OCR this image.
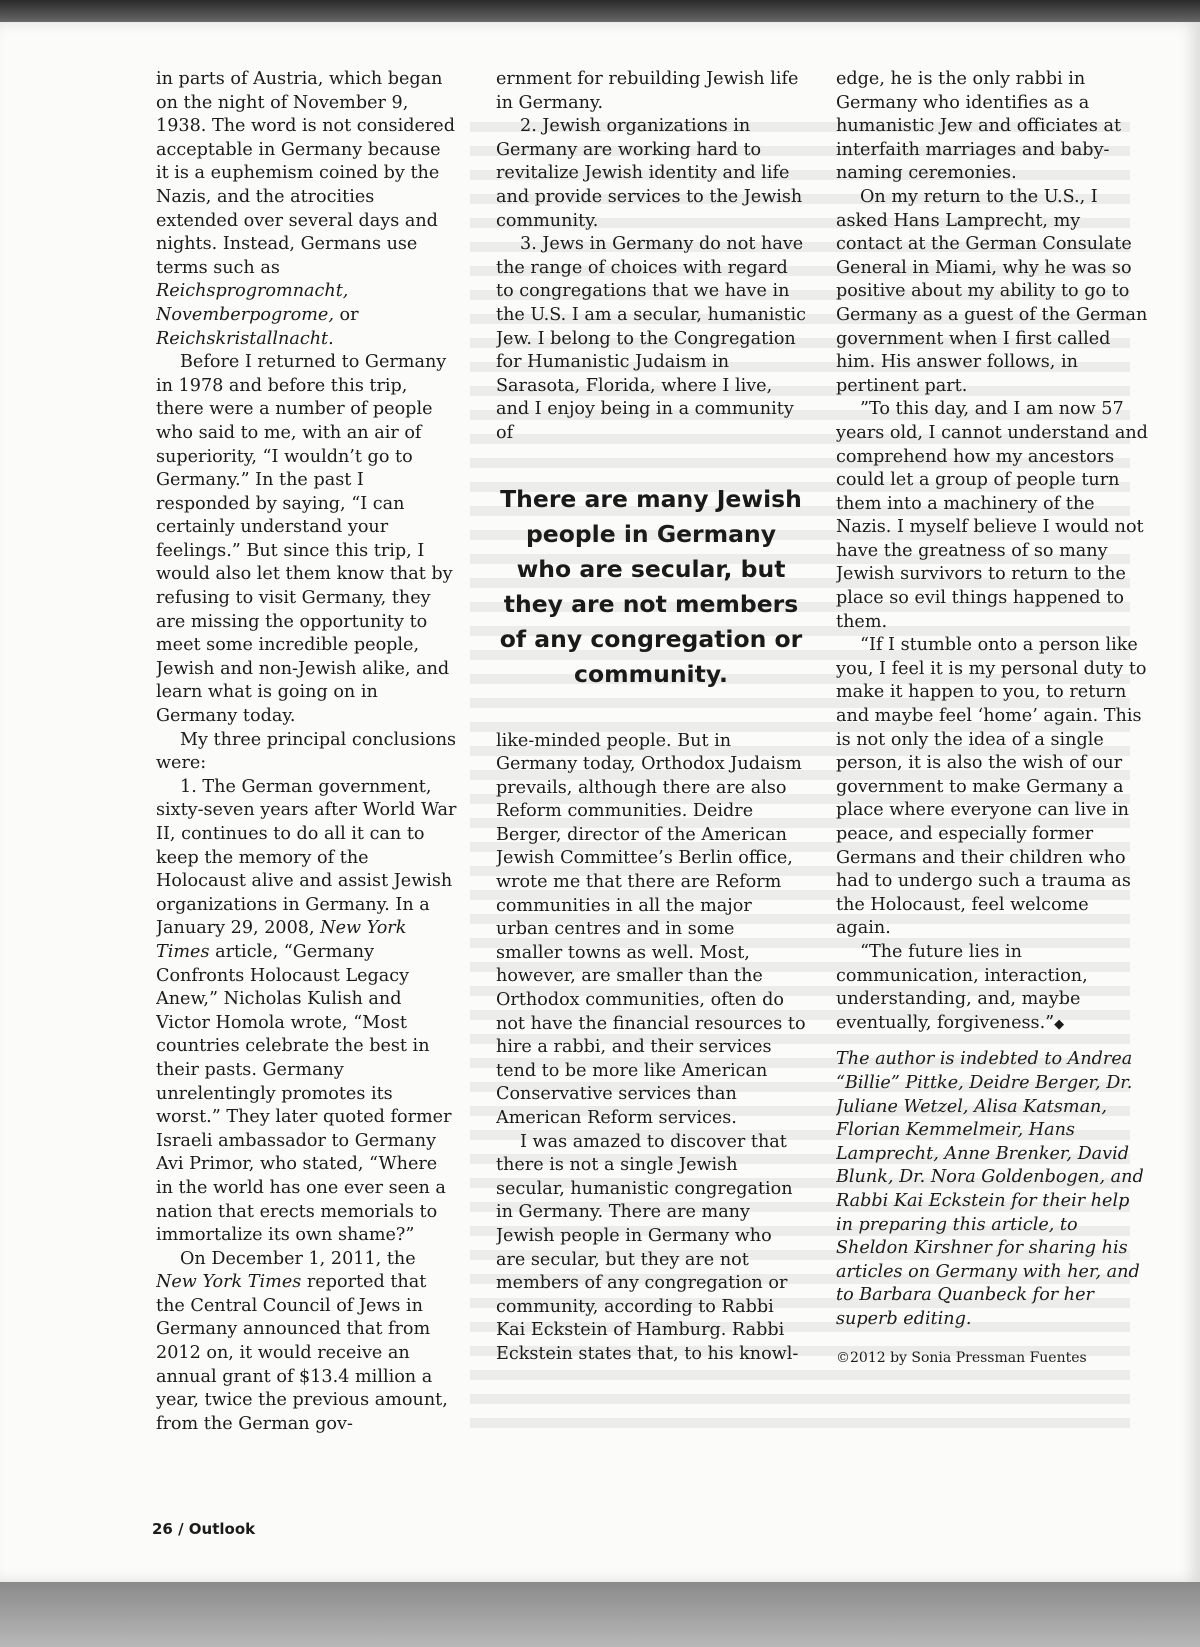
in parts of Austria, which began on the night of November 9, 1938. The word is not considered acceptable in Germany because it is a euphemism coined by the Nazis, and the atrocities extended over several days and nights. Instead, Germans use terms such as Reichsprogromnacht, Novemberpogrome, or Reichskristallnacht.

Before I returned to Germany in 1978 and before this trip, there were a number of people who said to me, with an air of superiority, “I wouldn’t go to Germany.” In the past I responded by saying, “I can certainly understand your feelings.” But since this trip, I would also let them know that by refusing to visit Germany, they are missing the opportunity to meet some incredible people, Jewish and non-Jewish alike, and learn what is going on in Germany today.

My three principal conclusions were:

1. The German government, sixty-seven years after World War II, continues to do all it can to keep the memory of the Holocaust alive and assist Jewish organizations in Germany. In a January 29, 2008, New York Times article, “Germany Confronts Holocaust Legacy Anew,” Nicholas Kulish and Victor Homola wrote, “Most countries celebrate the best in their pasts. Germany unrelentingly promotes its worst.” They later quoted former Israeli ambassador to Germany Avi Primor, who stated, “Where in the world has one ever seen a nation that erects memorials to immortalize its own shame?”

On December 1, 2011, the New York Times reported that the Central Council of Jews in Germany announced that from 2012 on, it would receive an annual grant of $13.4 million a year, twice the previous amount, from the German gov-

ernment for rebuilding Jewish life in Germany.

2. Jewish organizations in Germany are working hard to revitalize Jewish identity and life and provide services to the Jewish community.

3. Jews in Germany do not have the range of choices with regard to congregations that we have in the U.S. I am a secular, humanistic Jew. I belong to the Congregation for Humanistic Judaism in Sarasota, Florida, where I live, and I enjoy being in a community of

There are many Jewish people in Germany who are secular, but they are not members of any congregation or community.

like-minded people. But in Germany today, Orthodox Judaism prevails, although there are also Reform communities. Deidre Berger, director of the American Jewish Committee’s Berlin office, wrote me that there are Reform communities in all the major urban centres and in some smaller towns as well. Most, however, are smaller than the Orthodox communities, often do not have the financial resources to hire a rabbi, and their services tend to be more like American Conservative services than American Reform services.

I was amazed to discover that there is not a single Jewish secular, humanistic congregation in Germany. There are many Jewish people in Germany who are secular, but they are not members of any congregation or community, according to Rabbi Kai Eckstein of Hamburg. Rabbi Eckstein states that, to his knowl-

edge, he is the only rabbi in Germany who identifies as a humanistic Jew and officiates at interfaith marriages and baby-naming ceremonies.

On my return to the U.S., I asked Hans Lamprecht, my contact at the German Consulate General in Miami, why he was so positive about my ability to go to Germany as a guest of the German government when I first called him. His answer follows, in pertinent part.

”To this day, and I am now 57 years old, I cannot understand and comprehend how my ancestors could let a group of people turn them into a machinery of the Nazis. I myself believe I would not have the greatness of so many Jewish survivors to return to the place so evil things happened to them.

“If I stumble onto a person like you, I feel it is my personal duty to make it happen to you, to return and maybe feel ‘home’ again. This is not only the idea of a single person, it is also the wish of our government to make Germany a place where everyone can live in peace, and especially former Germans and their children who had to undergo such a trauma as the Holocaust, feel welcome again.

“The future lies in communication, interaction, understanding, and, maybe eventually, forgiveness.”◆

The author is indebted to Andrea “Billie” Pittke, Deidre Berger, Dr. Juliane Wetzel, Alisa Katsman, Florian Kemmelmeir, Hans Lamprecht, Anne Brenker, David Blunk, Dr. Nora Goldenbogen, and Rabbi Kai Eckstein for their help in preparing this article, to Sheldon Kirshner for sharing his articles on Germany with her, and to Barbara Quanbeck for her superb editing.

©2012 by Sonia Pressman Fuentes

26 / Outlook
